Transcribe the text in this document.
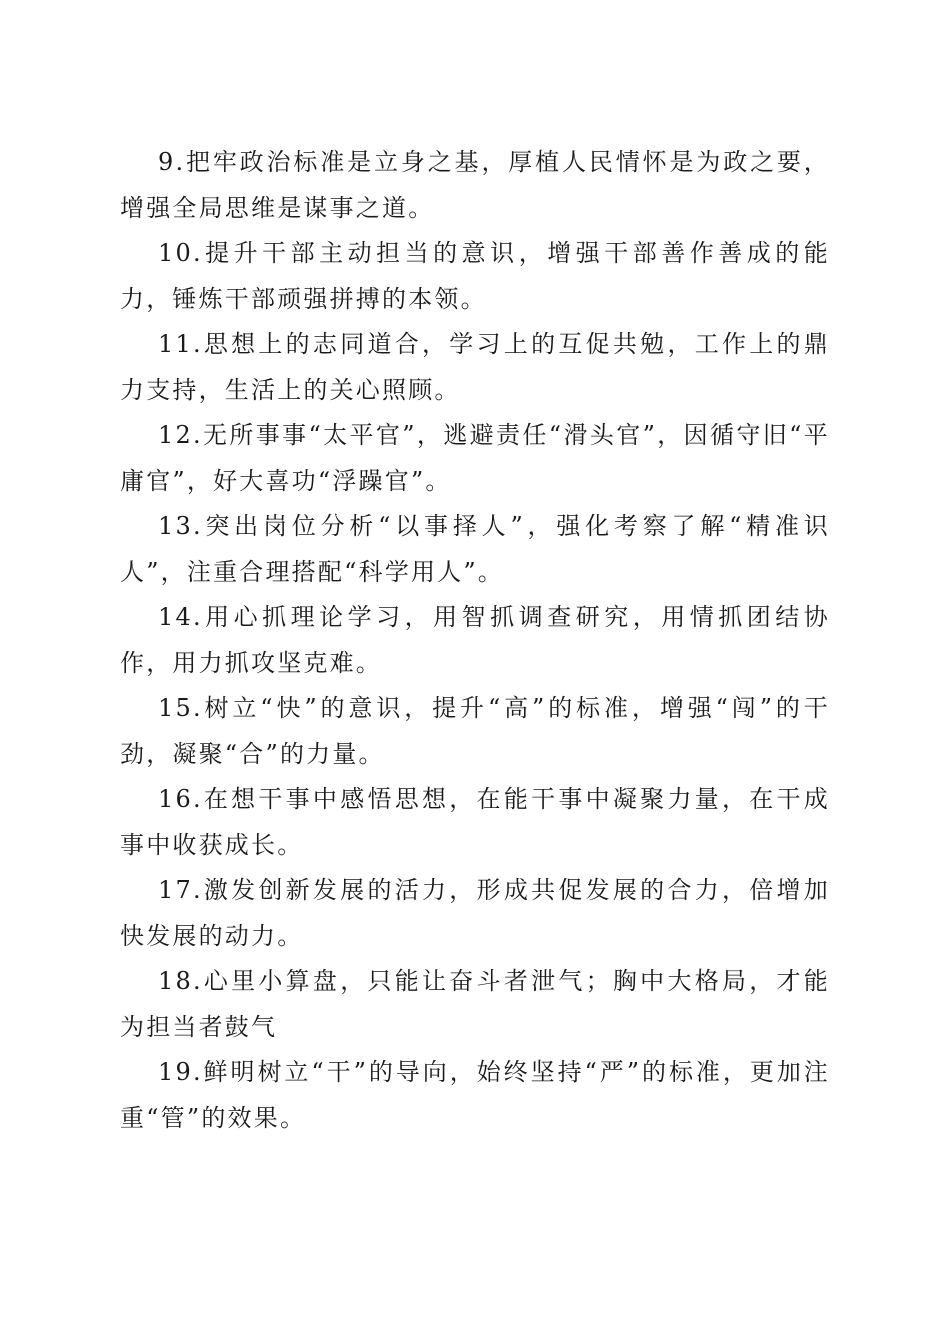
9.把牢政治标准是立身之基，厚植人民情怀是为政之要，增强全局思维是谋事之道。

10.提升干部主动担当的意识，增强干部善作善成的能力，锤炼干部顽强拼搏的本领。

11.思想上的志同道合，学习上的互促共勉，工作上的鼎力支持，生活上的关心照顾。

12.无所事事“太平官”，逃避责任“滑头官”，因循守旧“平庸官”，好大喜功“浮躁官”。

13.突出岗位分析“以事择人”，强化考察了解“精准识人”，注重合理搭配“科学用人”。

14.用心抓理论学习，用智抓调查研究，用情抓团结协作，用力抓攻坚克难。

15.树立“快”的意识，提升“高”的标准，增强“闯”的干劲，凝聚“合”的力量。

16.在想干事中感悟思想，在能干事中凝聚力量，在干成事中收获成长。

17.激发创新发展的活力，形成共促发展的合力，倍增加快发展的动力。

18.心里小算盘，只能让奋斗者泄气；胸中大格局，才能为担当者鼓气

19.鲜明树立“干”的导向，始终坚持“严”的标准，更加注重“管”的效果。
